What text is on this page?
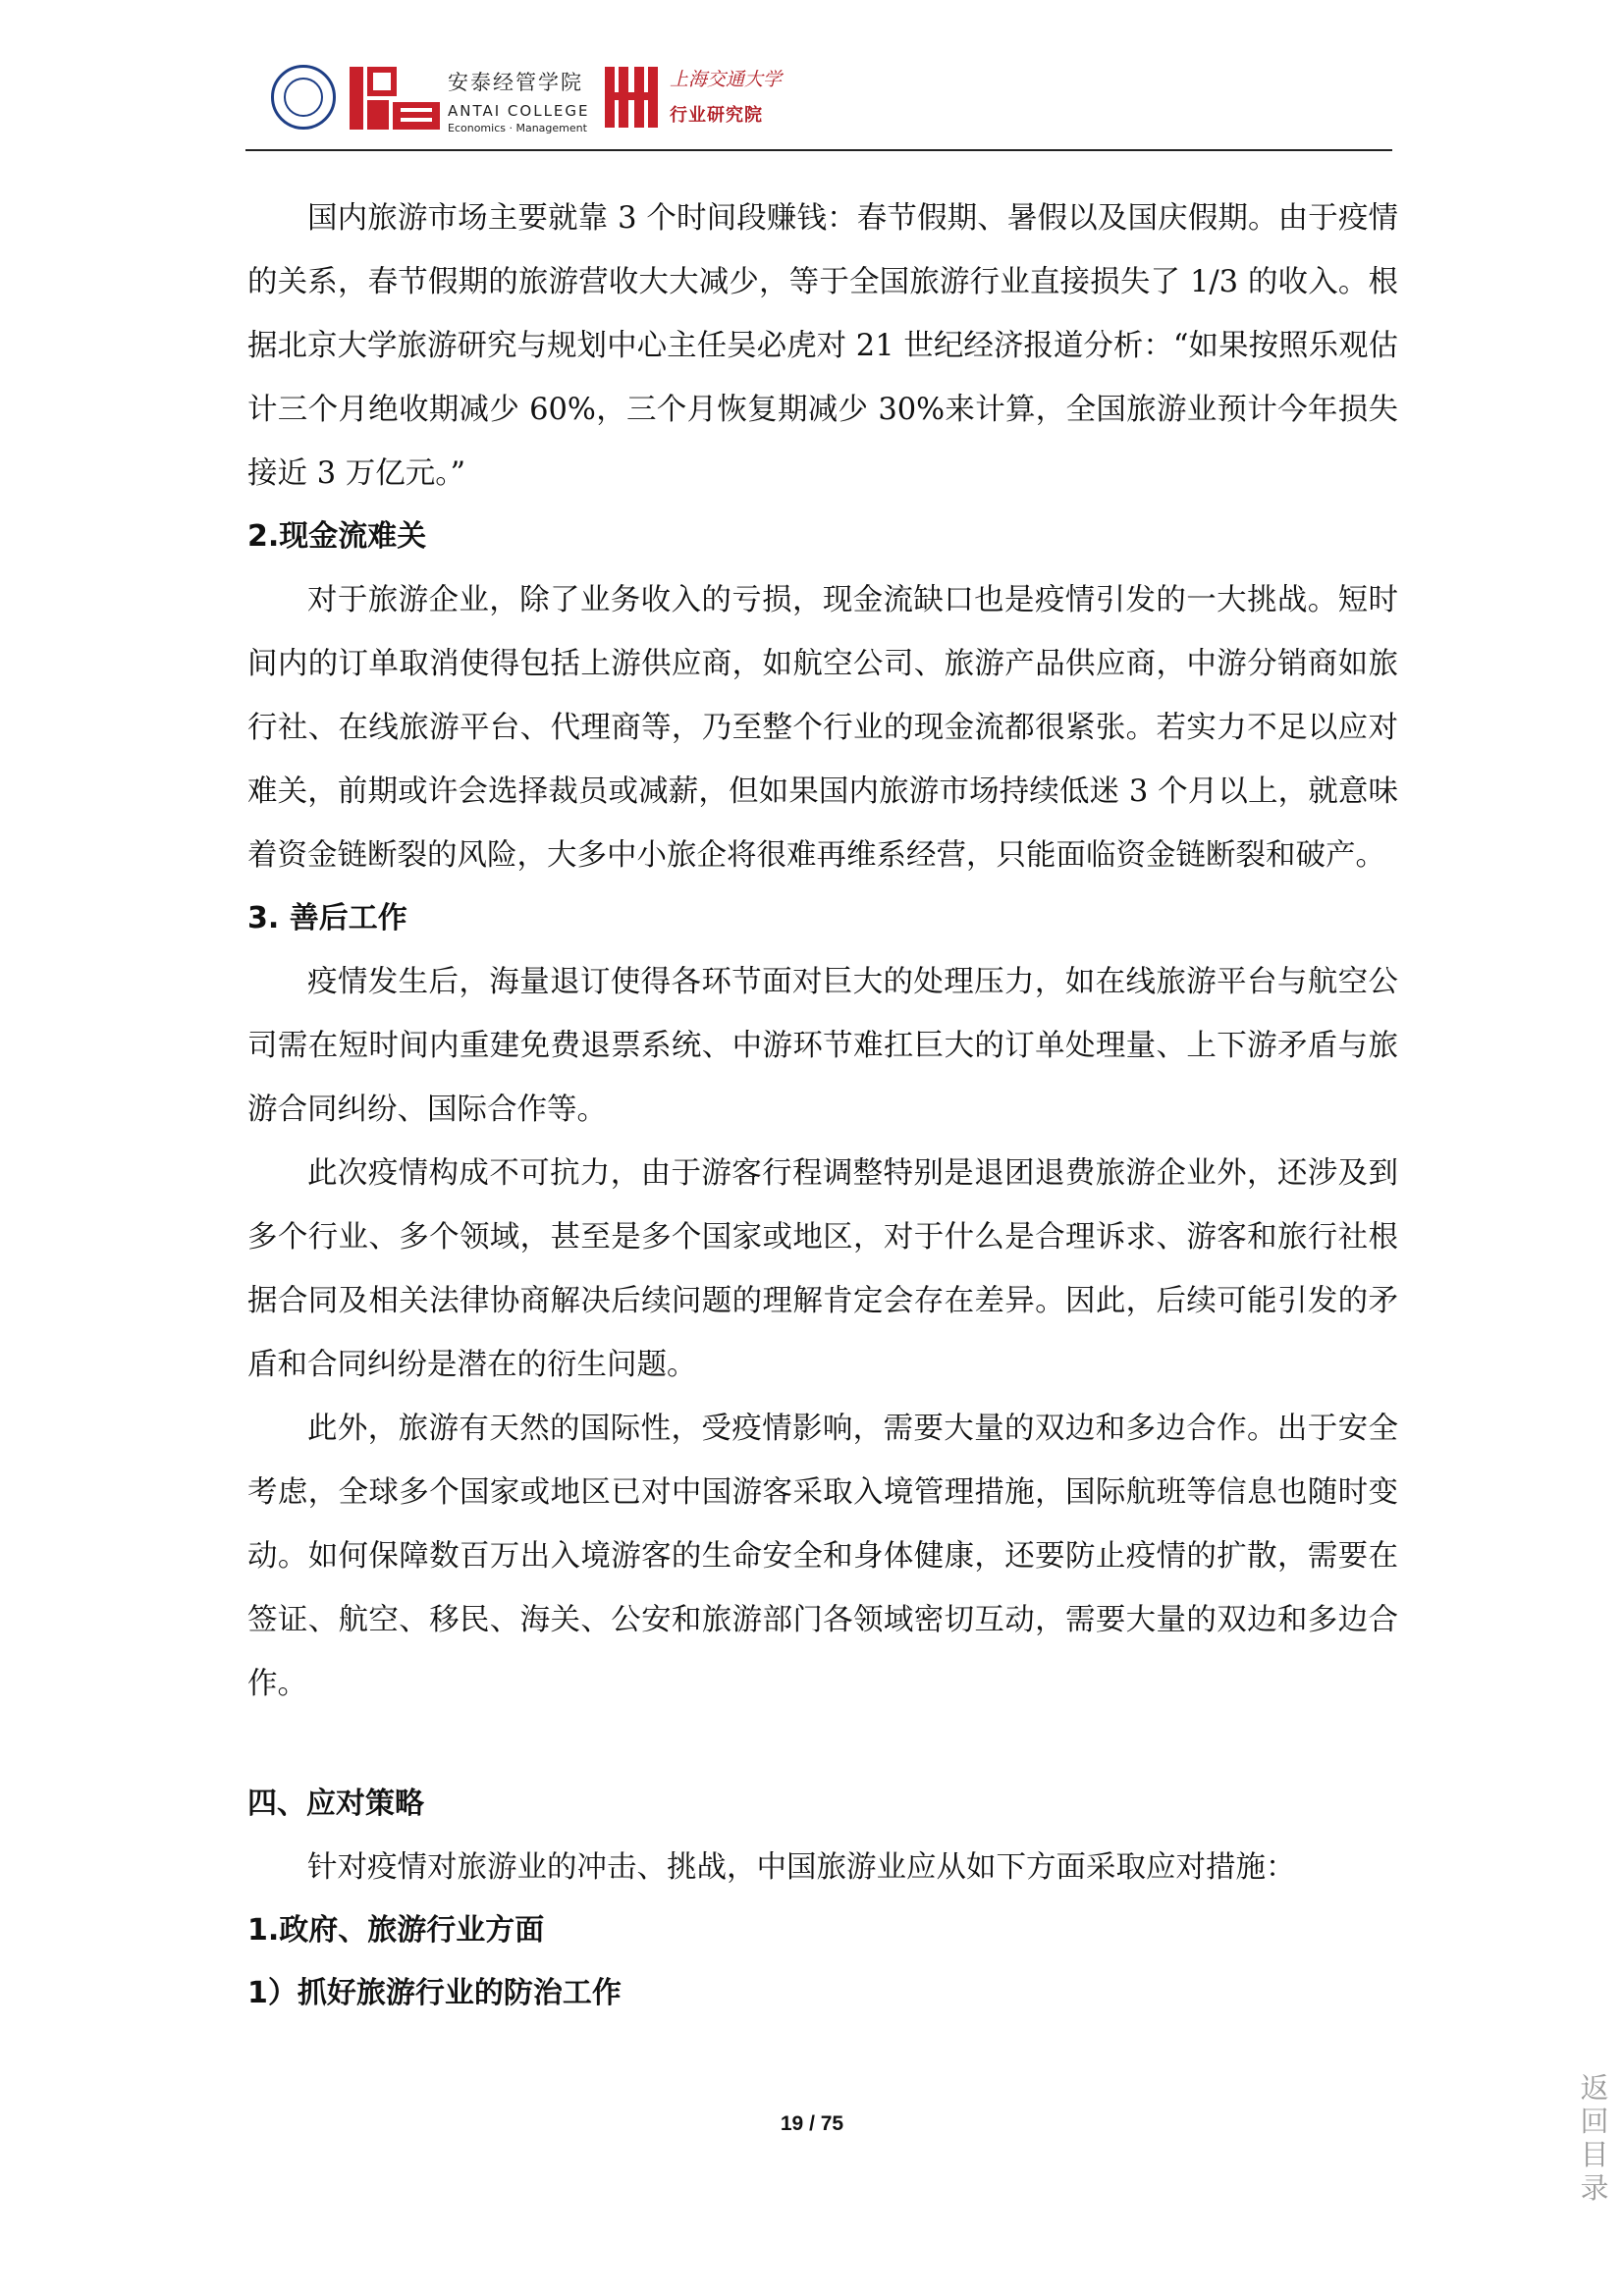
安泰经管学院
ANTAI COLLEGE
Economics · Management
上海交通大学
行业研究院

国内旅游市场主要就靠 3 个时间段赚钱：春节假期、暑假以及国庆假期。由于疫情的关系，春节假期的旅游营收大大减少，等于全国旅游行业直接损失了 1/3 的收入。根据北京大学旅游研究与规划中心主任吴必虎对 21 世纪经济报道分析：“如果按照乐观估计三个月绝收期减少 60%，三个月恢复期减少 30%来计算，全国旅游业预计今年损失接近 3 万亿元。”

2.现金流难关

对于旅游企业，除了业务收入的亏损，现金流缺口也是疫情引发的一大挑战。短时间内的订单取消使得包括上游供应商，如航空公司、旅游产品供应商，中游分销商如旅行社、在线旅游平台、代理商等，乃至整个行业的现金流都很紧张。若实力不足以应对难关，前期或许会选择裁员或减薪，但如果国内旅游市场持续低迷 3 个月以上，就意味着资金链断裂的风险，大多中小旅企将很难再维系经营，只能面临资金链断裂和破产。

3. 善后工作

疫情发生后，海量退订使得各环节面对巨大的处理压力，如在线旅游平台与航空公司需在短时间内重建免费退票系统、中游环节难扛巨大的订单处理量、上下游矛盾与旅游合同纠纷、国际合作等。

此次疫情构成不可抗力，由于游客行程调整特别是退团退费旅游企业外，还涉及到多个行业、多个领域，甚至是多个国家或地区，对于什么是合理诉求、游客和旅行社根据合同及相关法律协商解决后续问题的理解肯定会存在差异。因此，后续可能引发的矛盾和合同纠纷是潜在的衍生问题。

此外，旅游有天然的国际性，受疫情影响，需要大量的双边和多边合作。出于安全考虑，全球多个国家或地区已对中国游客采取入境管理措施，国际航班等信息也随时变动。如何保障数百万出入境游客的生命安全和身体健康，还要防止疫情的扩散，需要在签证、航空、移民、海关、公安和旅游部门各领域密切互动，需要大量的双边和多边合作。

四、应对策略

针对疫情对旅游业的冲击、挑战，中国旅游业应从如下方面采取应对措施：

1.政府、旅游行业方面

1）抓好旅游行业的防治工作

19 / 75
返
回
目
录
